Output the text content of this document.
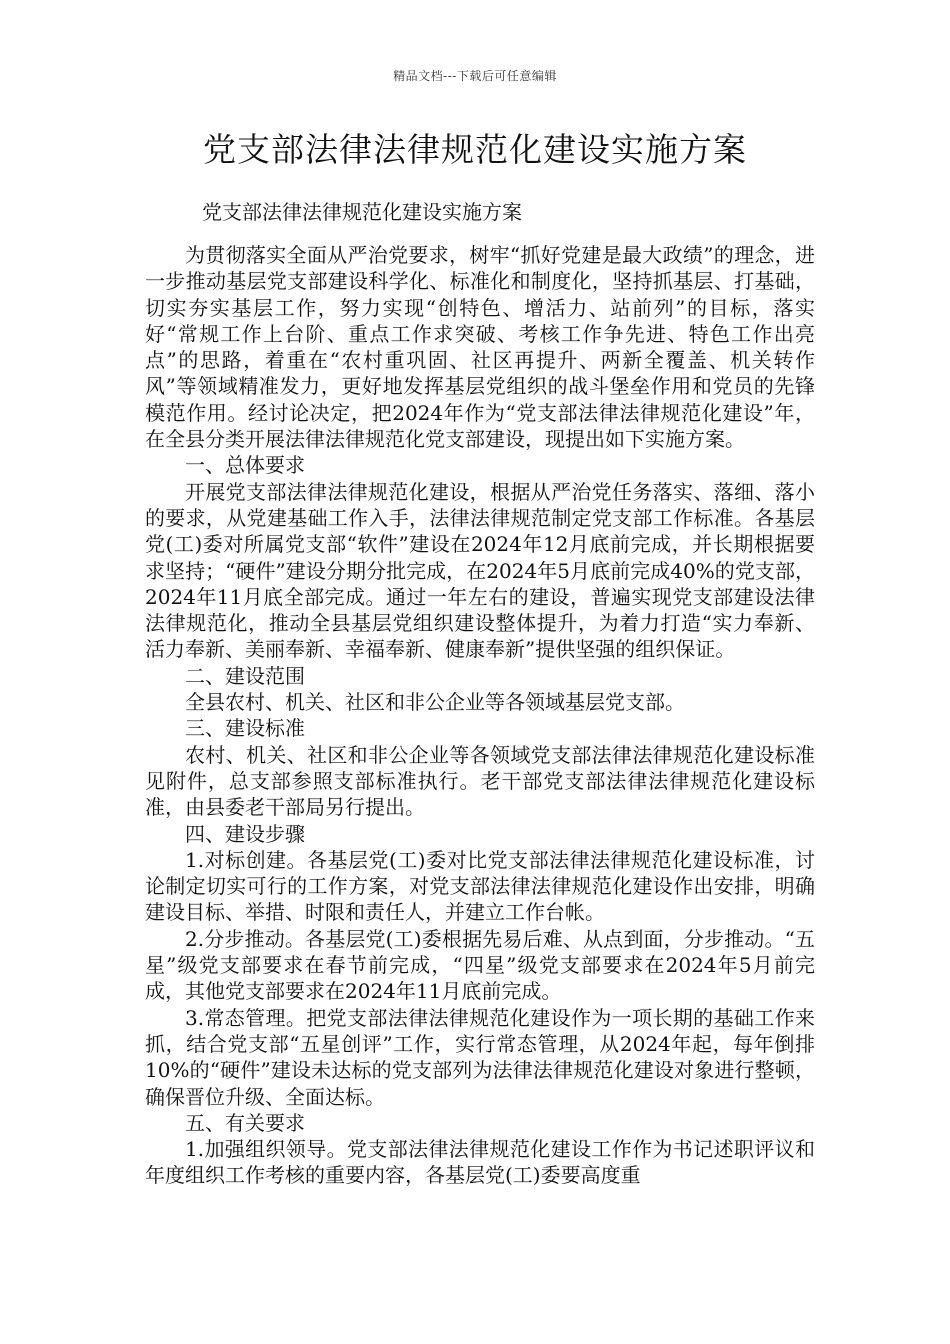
精品文档---下载后可任意编辑
党支部法律法律规范化建设实施方案
党支部法律法律规范化建设实施方案

为贯彻落实全面从严治党要求，树牢“抓好党建是最大政绩”的理念，进一步推动基层党支部建设科学化、标准化和制度化，坚持抓基层、打基础，切实夯实基层工作，努力实现“创特色、增活力、站前列”的目标，落实好“常规工作上台阶、重点工作求突破、考核工作争先进、特色工作出亮点”的思路，着重在“农村重巩固、社区再提升、两新全覆盖、机关转作风”等领域精准发力，更好地发挥基层党组织的战斗堡垒作用和党员的先锋模范作用。经讨论决定，把2024年作为“党支部法律法律规范化建设”年，在全县分类开展法律法律规范化党支部建设，现提出如下实施方案。

一、总体要求

开展党支部法律法律规范化建设，根据从严治党任务落实、落细、落小的要求，从党建基础工作入手，法律法律规范制定党支部工作标准。各基层党(工)委对所属党支部“软件”建设在2024年12月底前完成，并长期根据要求坚持；“硬件”建设分期分批完成，在2024年5月底前完成40%的党支部，2024年11月底全部完成。通过一年左右的建设，普遍实现党支部建设法律法律规范化，推动全县基层党组织建设整体提升，为着力打造“实力奉新、活力奉新、美丽奉新、幸福奉新、健康奉新”提供坚强的组织保证。

二、建设范围

全县农村、机关、社区和非公企业等各领域基层党支部。

三、建设标准

农村、机关、社区和非公企业等各领域党支部法律法律规范化建设标准见附件，总支部参照支部标准执行。老干部党支部法律法律规范化建设标准，由县委老干部局另行提出。

四、建设步骤

1.对标创建。各基层党(工)委对比党支部法律法律规范化建设标准，讨论制定切实可行的工作方案，对党支部法律法律规范化建设作出安排，明确建设目标、举措、时限和责任人，并建立工作台帐。

2.分步推动。各基层党(工)委根据先易后难、从点到面，分步推动。“五星”级党支部要求在春节前完成，“四星”级党支部要求在2024年5月前完成，其他党支部要求在2024年11月底前完成。

3.常态管理。把党支部法律法律规范化建设作为一项长期的基础工作来抓，结合党支部“五星创评”工作，实行常态管理，从2024年起，每年倒排10%的“硬件”建设未达标的党支部列为法律法律规范化建设对象进行整顿，确保晋位升级、全面达标。

五、有关要求

1.加强组织领导。党支部法律法律规范化建设工作作为书记述职评议和年度组织工作考核的重要内容，各基层党(工)委要高度重
